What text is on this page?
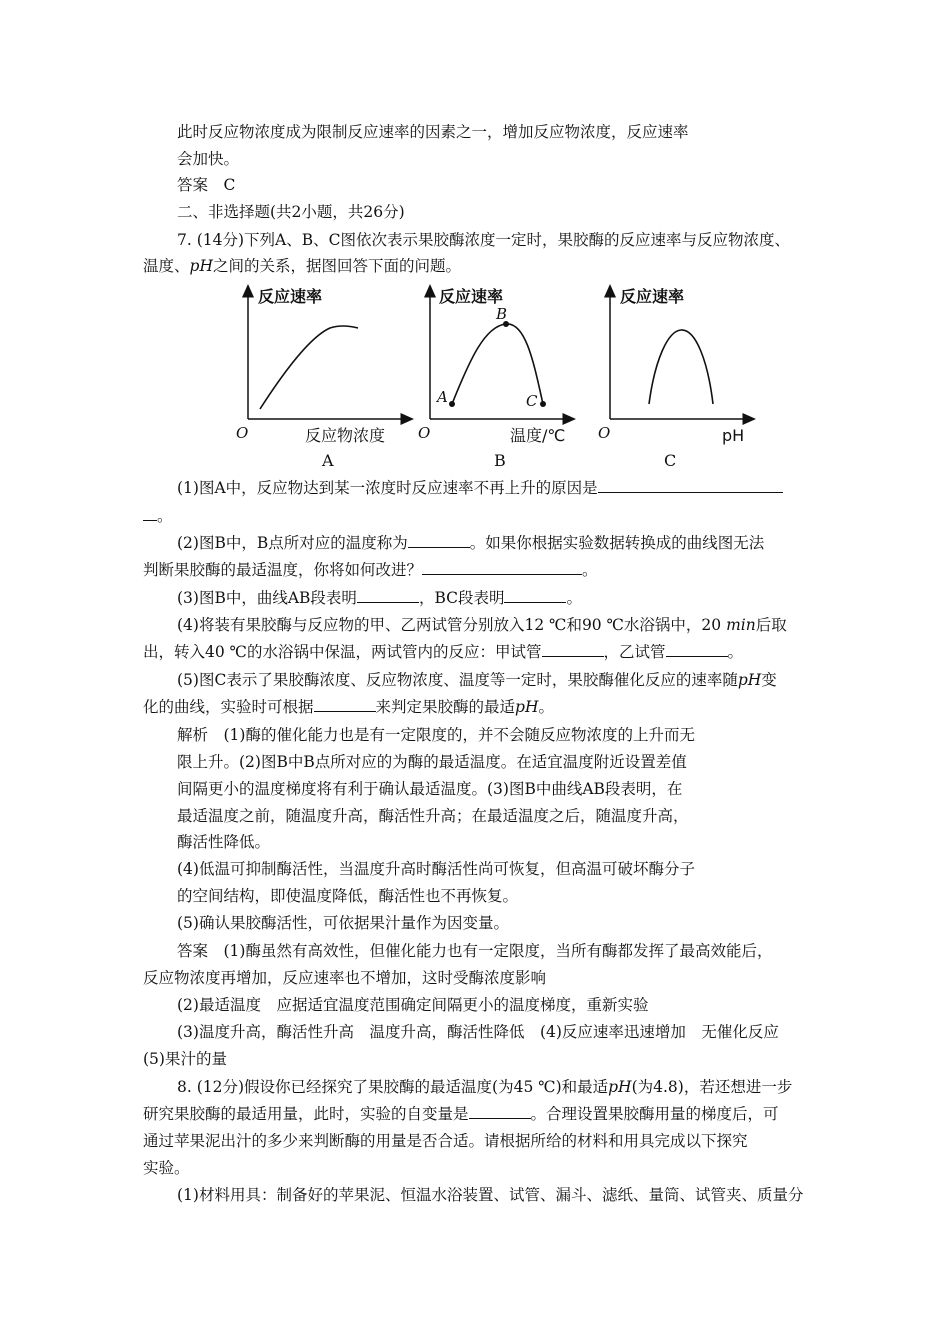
此时反应物浓度成为限制反应速率的因素之一，增加反应物浓度，反应速率
会加快。
答案　C
二、非选择题(共2小题，共26分)
7. (14分)下列A、B、C图依次表示果胶酶浓度一定时，果胶酶的反应速率与反应物浓度、
温度、pH之间的关系，据图回答下面的问题。
反应速率
O	反应物浓度
A
反应速率
A
B
C
O	温度/℃
B
反应速率
O	pH
C
(1)图A中，反应物达到某一浓度时反应速率不再上升的原因是
。
(2)图B中，B点所对应的温度称为	。如果你根据实验数据转换成的曲线图无法
判断果胶酶的最适温度，你将如何改进？	。
(3)图B中，曲线AB段表明	，BC段表明	。
(4)将装有果胶酶与反应物的甲、乙两试管分别放入12 ℃和90 ℃水浴锅中，20 min后取
出，转入40 ℃的水浴锅中保温，两试管内的反应：甲试管	，乙试管	。
(5)图C表示了果胶酶浓度、反应物浓度、温度等一定时，果胶酶催化反应的速率随pH变
化的曲线，实验时可根据	来判定果胶酶的最适pH。
解析　(1)酶的催化能力也是有一定限度的，并不会随反应物浓度的上升而无
限上升。(2)图B中B点所对应的为酶的最适温度。在适宜温度附近设置差值
间隔更小的温度梯度将有利于确认最适温度。(3)图B中曲线AB段表明，在
最适温度之前，随温度升高，酶活性升高；在最适温度之后，随温度升高，
酶活性降低。
(4)低温可抑制酶活性，当温度升高时酶活性尚可恢复，但高温可破坏酶分子
的空间结构，即使温度降低，酶活性也不再恢复。
(5)确认果胶酶活性，可依据果汁量作为因变量。
答案　(1)酶虽然有高效性，但催化能力也有一定限度，当所有酶都发挥了最高效能后，
反应物浓度再增加，反应速率也不增加，这时受酶浓度影响
(2)最适温度　应据适宜温度范围确定间隔更小的温度梯度，重新实验
(3)温度升高，酶活性升高　温度升高，酶活性降低　(4)反应速率迅速增加　无催化反应
(5)果汁的量
8. (12分)假设你已经探究了果胶酶的最适温度(为45 ℃)和最适pH(为4.8)，若还想进一步
研究果胶酶的最适用量，此时，实验的自变量是	。合理设置果胶酶用量的梯度后，可
通过苹果泥出汁的多少来判断酶的用量是否合适。请根据所给的材料和用具完成以下探究
实验。
(1)材料用具：制备好的苹果泥、恒温水浴装置、试管、漏斗、滤纸、量筒、试管夹、质量分
